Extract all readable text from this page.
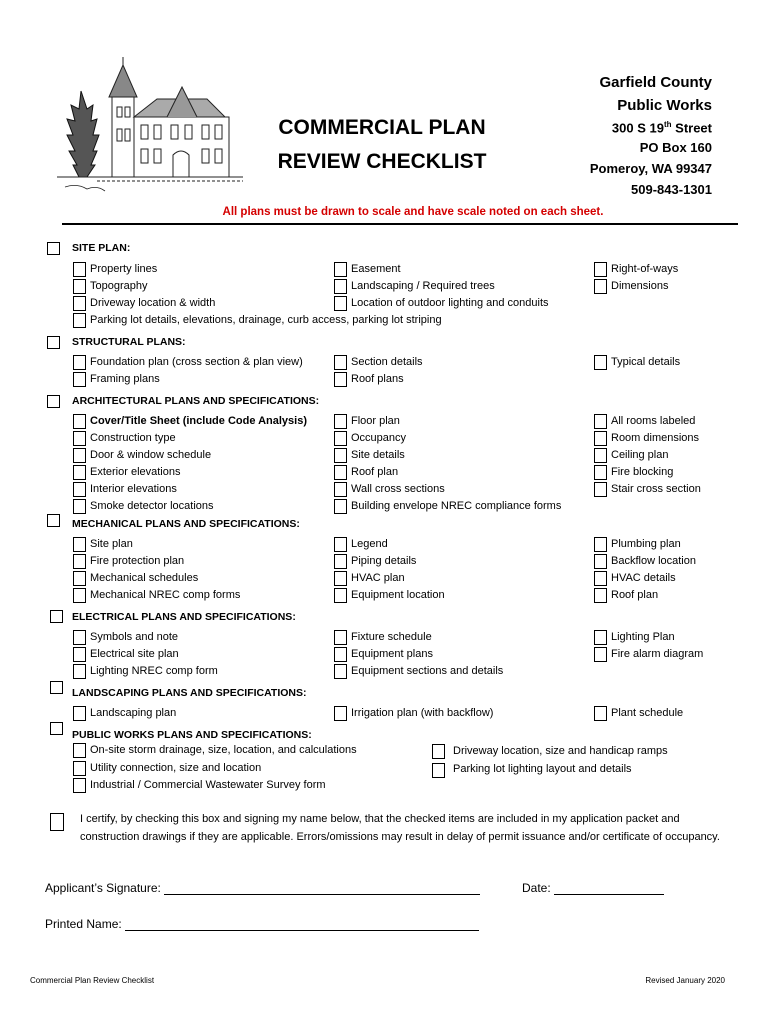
COMMERCIAL PLAN
REVIEW CHECKLIST
Garfield County
Public Works
300 S 19th Street
PO Box 160
Pomeroy, WA 99347
509-843-1301
All plans must be drawn to scale and have scale noted on each sheet.
SITE PLAN:
Property lines
Topography
Driveway location & width
Parking lot details, elevations, drainage, curb access, parking lot striping
Easement
Landscaping / Required trees
Location of outdoor lighting and conduits
Right-of-ways
Dimensions
STRUCTURAL PLANS:
Foundation plan (cross section & plan view)
Framing plans
Section details
Roof plans
Typical details
ARCHITECTURAL PLANS AND SPECIFICATIONS:
Cover/Title Sheet (include Code Analysis)
Construction type
Door & window schedule
Exterior elevations
Interior elevations
Smoke detector locations
Floor plan
Occupancy
Site details
Roof plan
Wall cross sections
Building envelope NREC compliance forms
All rooms labeled
Room dimensions
Ceiling plan
Fire blocking
Stair cross section
MECHANICAL PLANS AND SPECIFICATIONS:
Site plan
Fire protection plan
Mechanical schedules
Mechanical NREC comp forms
Legend
Piping details
HVAC plan
Equipment location
Plumbing plan
Backflow location
HVAC details
Roof plan
ELECTRICAL PLANS AND SPECIFICATIONS:
Symbols and note
Electrical site plan
Lighting NREC comp form
Fixture schedule
Equipment plans
Equipment sections and details
Lighting Plan
Fire alarm diagram
LANDSCAPING PLANS AND SPECIFICATIONS:
Landscaping plan	Irrigation plan (with backflow)	Plant schedule
PUBLIC WORKS PLANS AND SPECIFICATIONS:
On-site storm drainage, size, location, and calculations
Utility connection, size and location
Industrial / Commercial Wastewater Survey form
Driveway location, size and handicap ramps
Parking lot lighting layout and details
I certify, by checking this box and signing my name below, that the checked items are included in my application packet and construction drawings if they are applicable. Errors/omissions may result in delay of permit issuance and/or certificate of occupancy.
Applicant’s Signature:	Date:
Printed Name:
Commercial Plan Review Checklist	Revised January 2020
